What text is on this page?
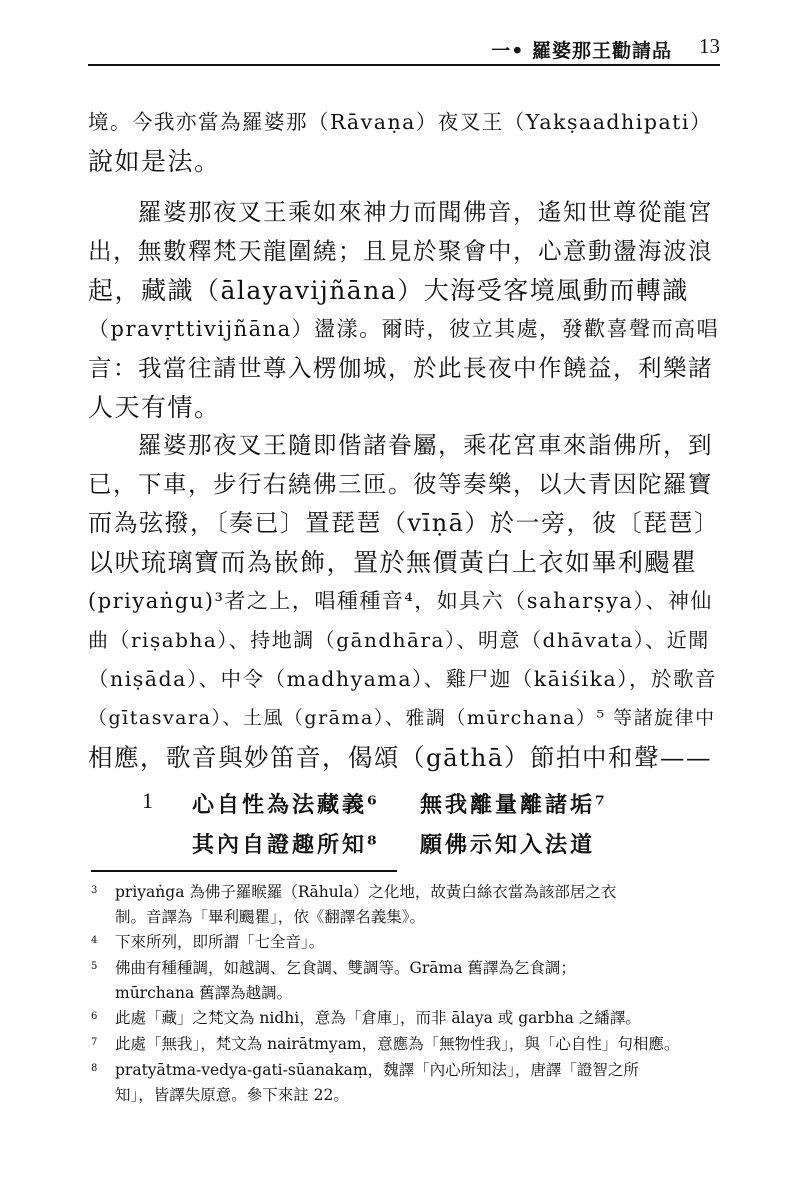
一• 羅婆那王勸請品 13
境。今我亦當為羅婆那（Rāvaṇa）夜叉王（Yakṣaadhipati）
說如是法。
　　羅婆那夜叉王乘如來神力而聞佛音，遙知世尊從龍宮
出，無數釋梵天龍圍繞；且見於聚會中，心意動盪海波浪
起，藏識（ālayavijñāna）大海受客境風動而轉識
（pravṛttivijñāna）盪漾。爾時，彼立其處，發歡喜聲而高唱
言：我當往請世尊入楞伽城，於此長夜中作饒益，利樂諸
人天有情。
　　羅婆那夜叉王隨即偕諸眷屬，乘花宮車來詣佛所，到
已，下車，步行右繞佛三匝。彼等奏樂，以大青因陀羅寶
而為弦撥，〔奏已〕置琵琶（vīṇā）於一旁，彼〔琵琶〕
以吠琉璃寶而為嵌飾，置於無價黃白上衣如畢利颺瞿
(priyaṅgu)³者之上，唱種種音⁴，如具六（saharṣya）、神仙
曲（riṣabha）、持地調（gāndhāra）、明意（dhāvata）、近聞
（niṣāda）、中令（madhyama）、雞尸迦（kāiśika），於歌音
（gītasvara）、土風（grāma）、雅調（mūrchana）⁵ 等諸旋律中
相應，歌音與妙笛音，偈頌（gāthā）節拍中和聲——
1 心自性為法藏義⁶ 無我離量離諸垢⁷
其內自證趣所知⁸ 願佛示知入法道
3 priyaṅga 為佛子羅睺羅（Rāhula）之化地，故黃白絲衣當為該部居之衣
制。音譯為「畢利颺瞿」，依《翻譯名義集》。
4 下來所列，即所謂「七全音」。
5 佛曲有種種調，如越調、乞食調、雙調等。Grāma 舊譯為乞食調；
mūrchana 舊譯為越調。
6 此處「藏」之梵文為 nidhi，意為「倉庫」，而非 ālaya 或 garbha 之繙譯。
7 此處「無我」，梵文為 nairātmyam，意應為「無物性我」，與「心自性」句相應。
8 pratyātma-vedya-gati-sūanakaṃ，魏譯「內心所知法」，唐譯「證智之所
知」，皆譯失原意。參下來註 22。
